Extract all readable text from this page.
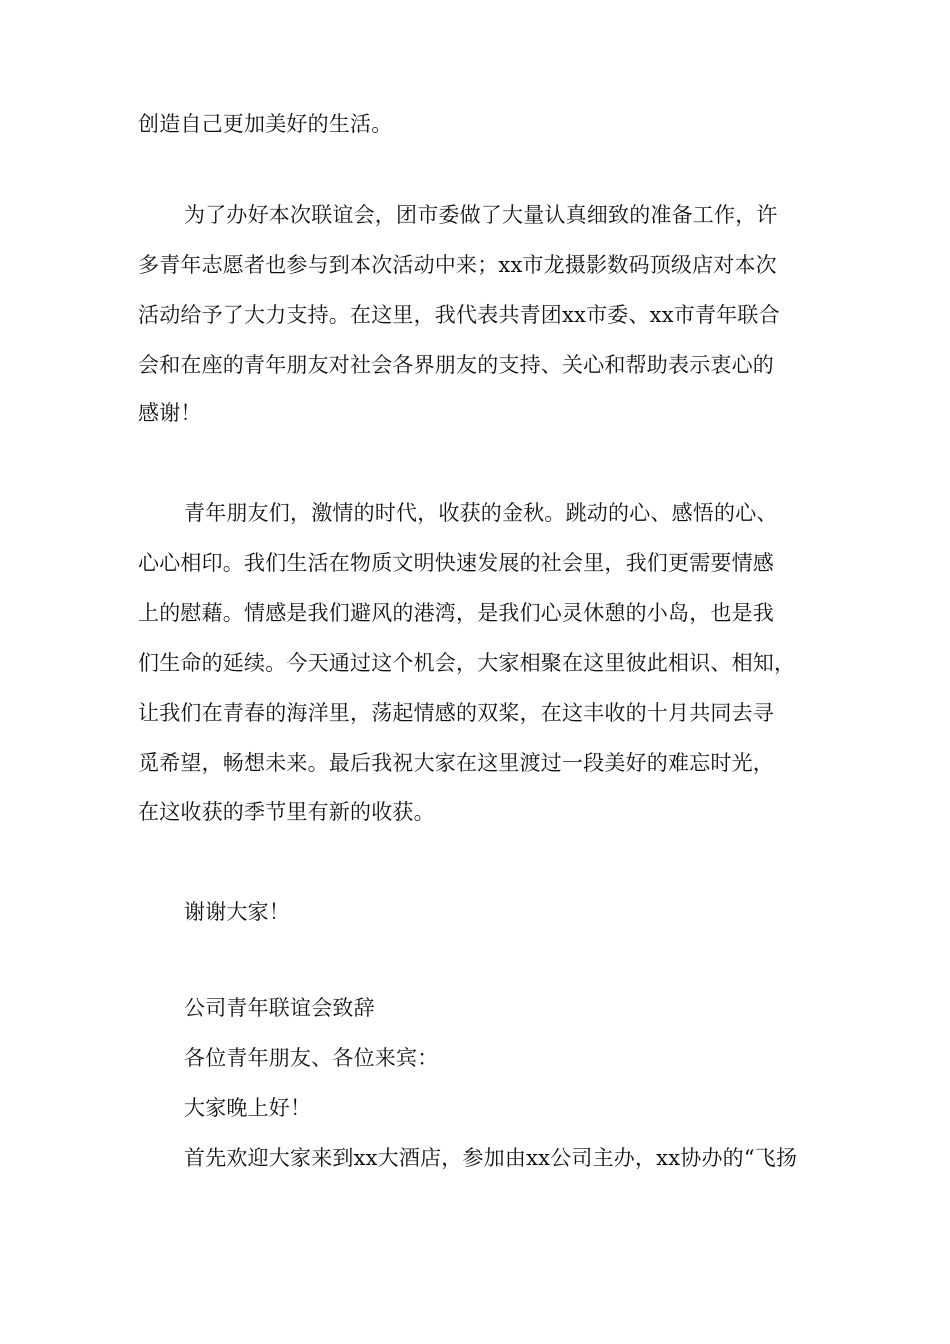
创造自己更加美好的生活。
为了办好本次联谊会，团市委做了大量认真细致的准备工作，许
多青年志愿者也参与到本次活动中来；xx市龙摄影数码顶级店对本次
活动给予了大力支持。在这里，我代表共青团xx市委、xx市青年联合
会和在座的青年朋友对社会各界朋友的支持、关心和帮助表示衷心的
感谢！
青年朋友们，激情的时代，收获的金秋。跳动的心、感悟的心、
心心相印。我们生活在物质文明快速发展的社会里，我们更需要情感
上的慰藉。情感是我们避风的港湾，是我们心灵休憩的小岛，也是我
们生命的延续。今天通过这个机会，大家相聚在这里彼此相识、相知，
让我们在青春的海洋里，荡起情感的双桨，在这丰收的十月共同去寻
觅希望，畅想未来。最后我祝大家在这里渡过一段美好的难忘时光，
在这收获的季节里有新的收获。
谢谢大家！
公司青年联谊会致辞
各位青年朋友、各位来宾：
大家晚上好！
首先欢迎大家来到xx大酒店，参加由xx公司主办，xx协办的“飞扬
